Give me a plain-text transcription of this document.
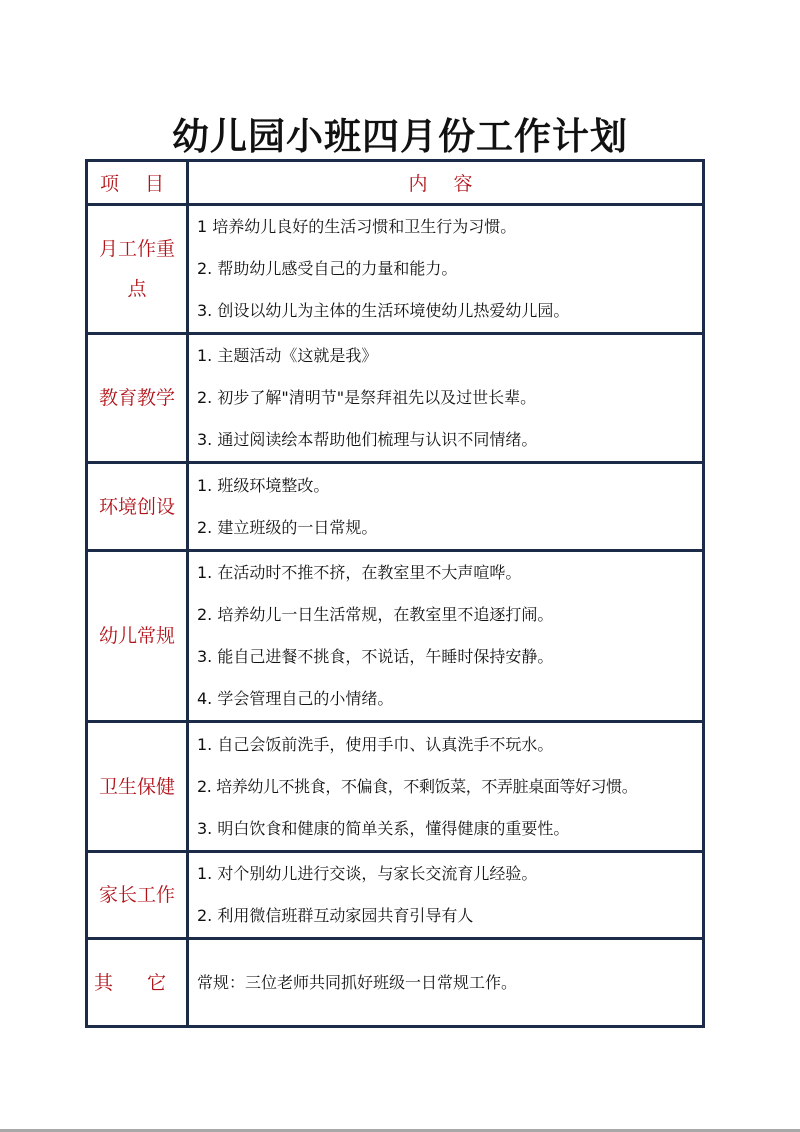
幼儿园小班四月份工作计划
项 目	内 容
月工作重点	1 培养幼儿良好的生活习惯和卫生行为习惯。
2. 帮助幼儿感受自己的力量和能力。
3. 创设以幼儿为主体的生活环境使幼儿热爱幼儿园。

教育教学	1. 主题活动《这就是我》
2. 初步了解"清明节"是祭拜祖先以及过世长辈。
3. 通过阅读绘本帮助他们梳理与认识不同情绪。

环境创设	1. 班级环境整改。
2. 建立班级的一日常规。

幼儿常规	1. 在活动时不推不挤，在教室里不大声喧哗。
2. 培养幼儿一日生活常规，在教室里不追逐打闹。
3. 能自己进餐不挑食，不说话，午睡时保持安静。
4. 学会管理自己的小情绪。

卫生保健	1. 自己会饭前洗手，使用手巾、认真洗手不玩水。
2. 培养幼儿不挑食，不偏食，不剩饭菜，不弄脏桌面等好习惯。
3. 明白饮食和健康的简单关系，懂得健康的重要性。

家长工作	1. 对个别幼儿进行交谈，与家长交流育儿经验。
2. 利用微信班群互动家园共育引导有人

其 它	常规：三位老师共同抓好班级一日常规工作。
